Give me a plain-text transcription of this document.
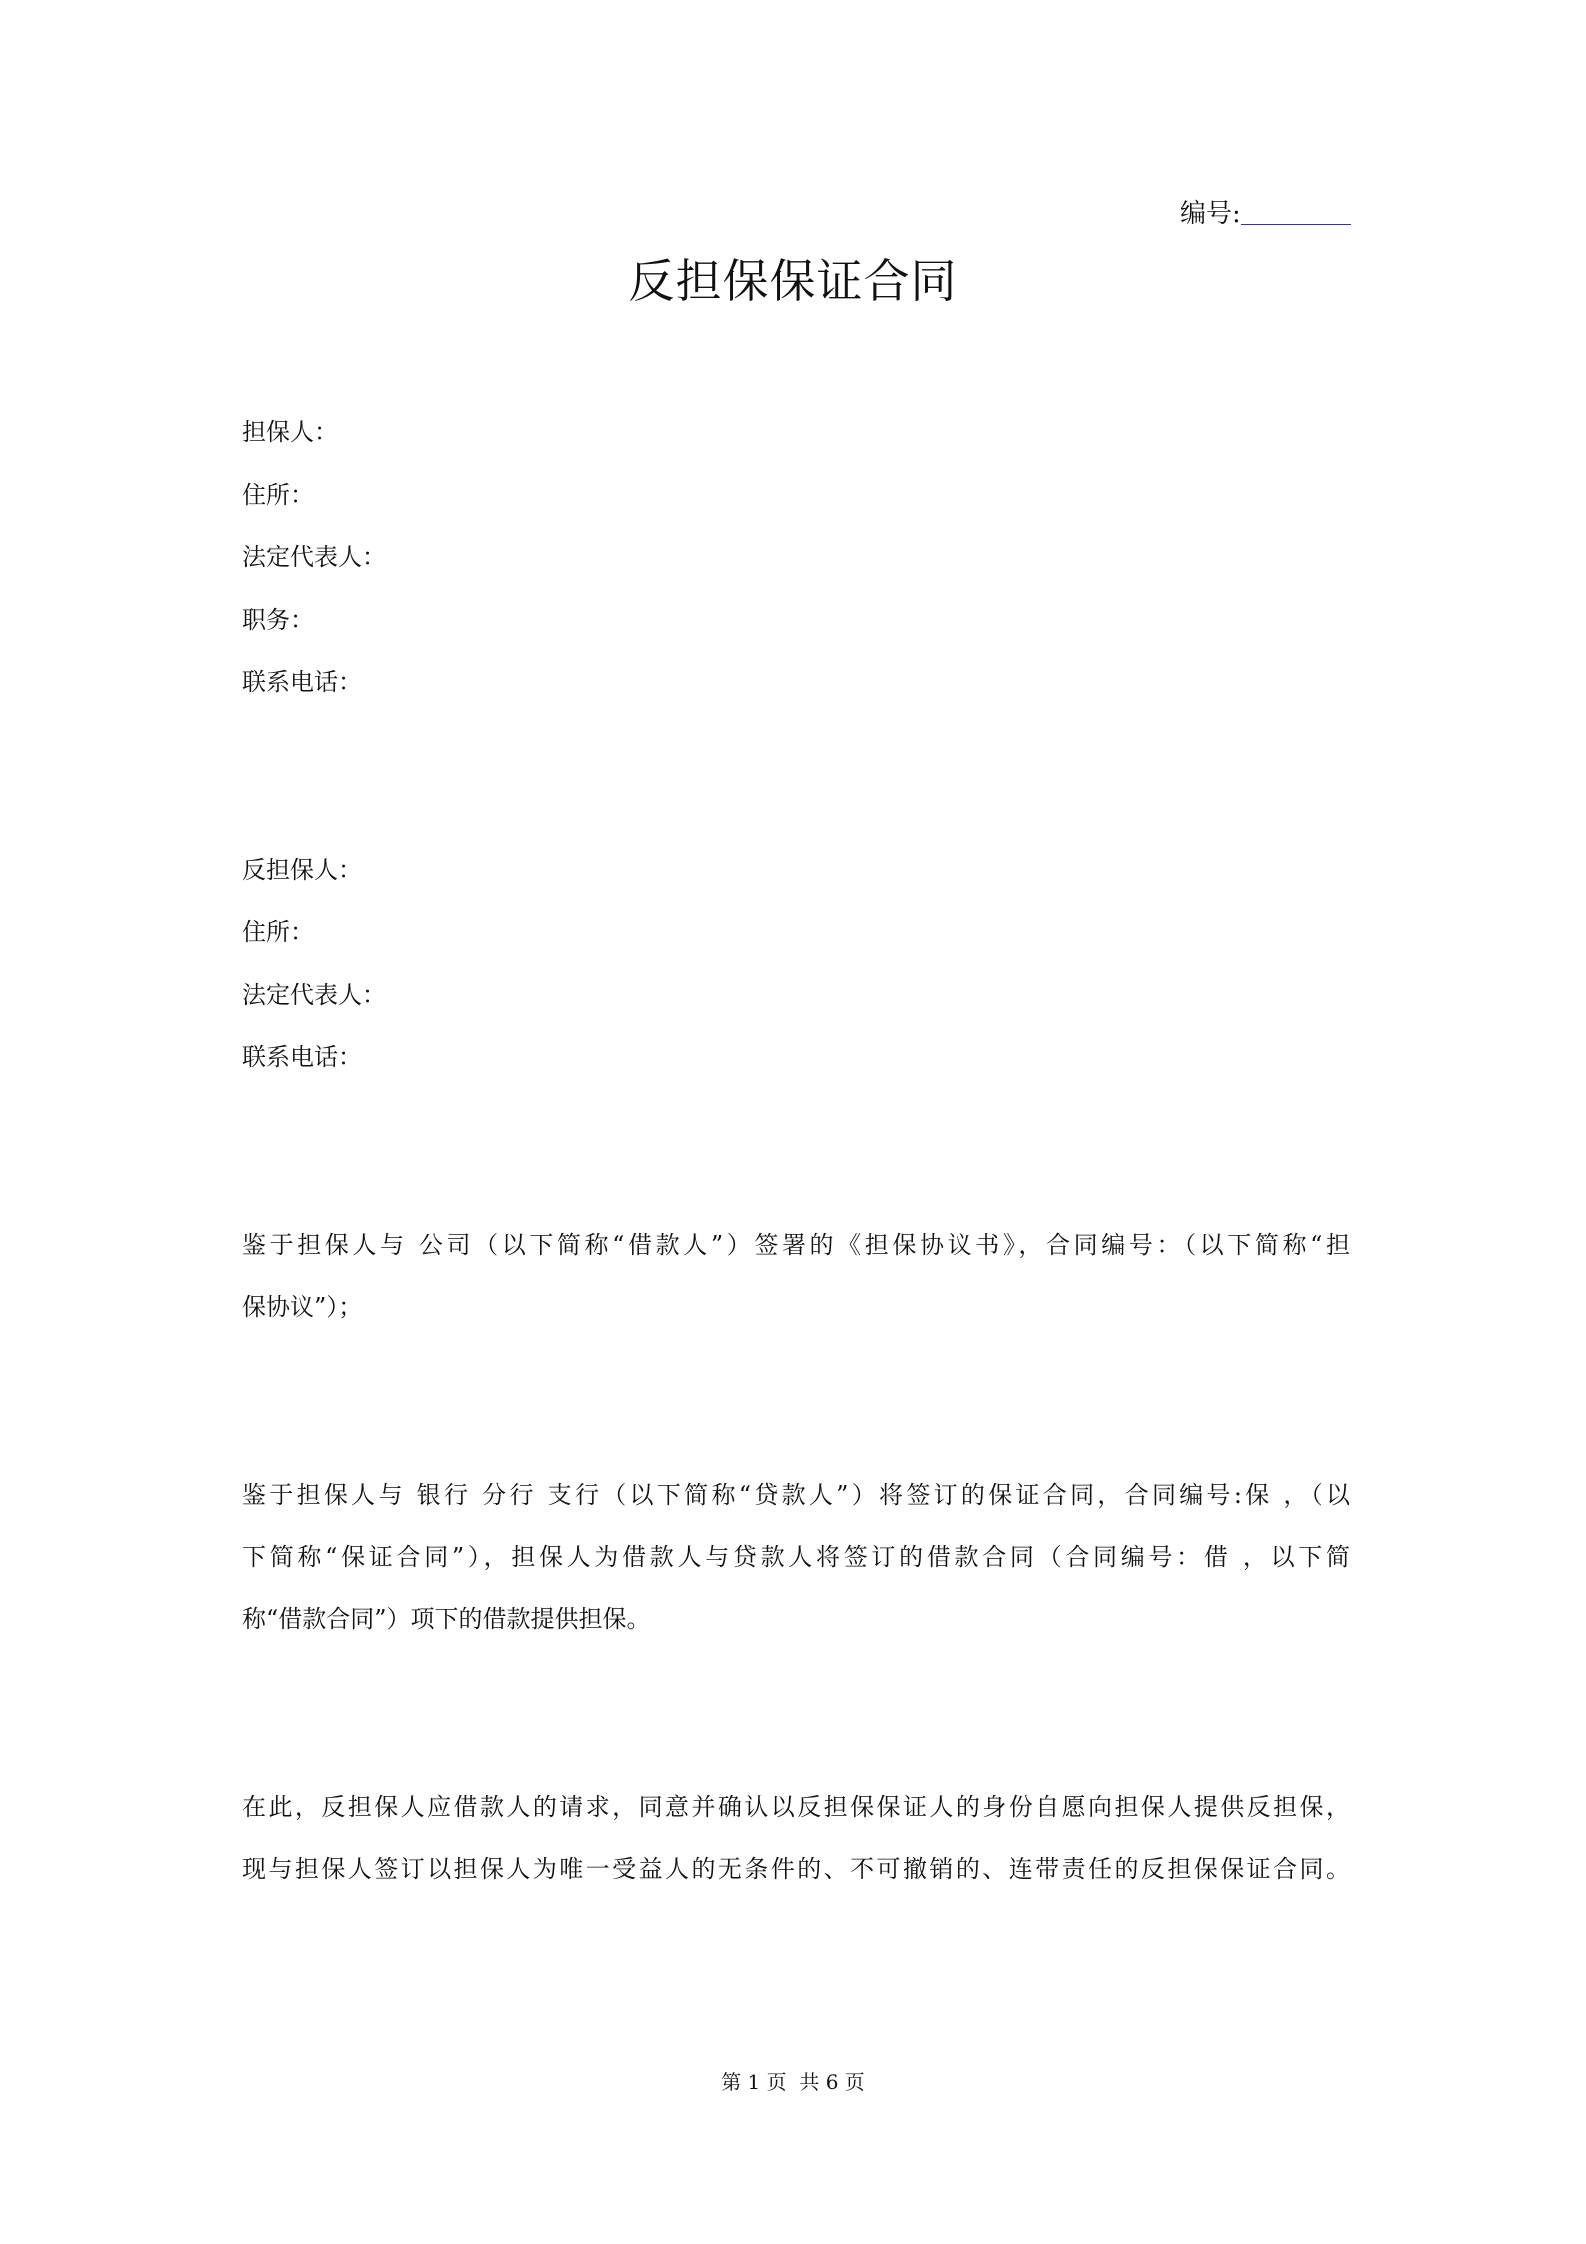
编号:
反担保保证合同
担保人：
住所：
法定代表人：
职务：
联系电话：
反担保人：
住所：
法定代表人：
联系电话：
鉴于担保人与 公司（以下简称“借款人”）签署的《担保协议书》，合同编号：（以下简称“担
保协议”）；
鉴于担保人与 银行 分行 支行（以下简称“贷款人”）将签订的保证合同，合同编号:保 ，（以
下简称“保证合同”），担保人为借款人与贷款人将签订的借款合同（合同编号：借 ，以下简
称“借款合同”）项下的借款提供担保。
在此，反担保人应借款人的请求，同意并确认以反担保保证人的身份自愿向担保人提供反担保，
现与担保人签订以担保人为唯一受益人的无条件的、不可撤销的、连带责任的反担保保证合同。
第 1 页  共 6 页
